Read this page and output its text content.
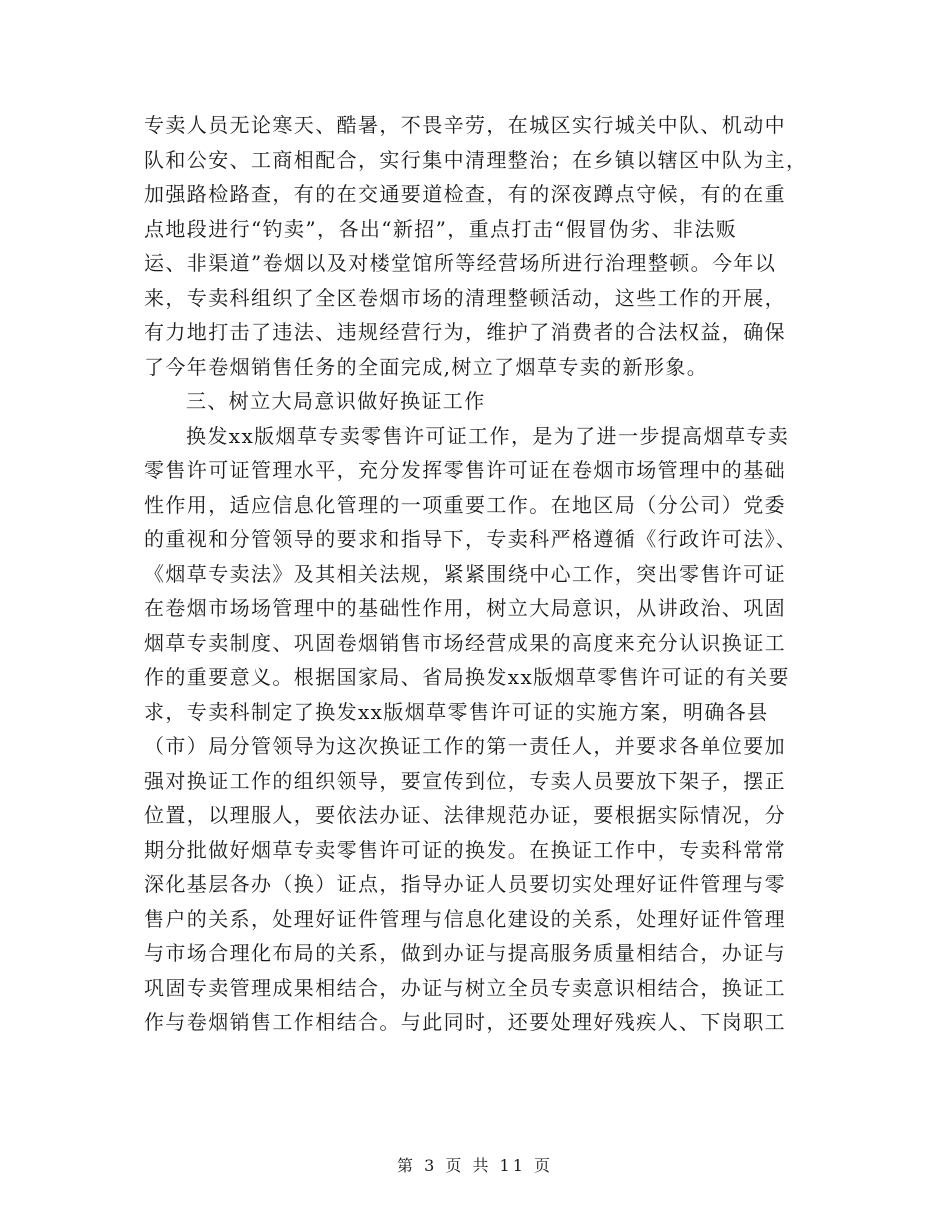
专卖人员无论寒天、酷暑，不畏辛劳，在城区实行城关中队、机动中
队和公安、工商相配合，实行集中清理整治；在乡镇以辖区中队为主，
加强路检路查，有的在交通要道检查，有的深夜蹲点守候，有的在重
点地段进行“钓卖”，各出“新招”，重点打击“假冒伪劣、非法贩
运、非渠道”卷烟以及对楼堂馆所等经营场所进行治理整顿。今年以
来，专卖科组织了全区卷烟市场的清理整顿活动，这些工作的开展，
有力地打击了违法、违规经营行为，维护了消费者的合法权益，确保
了今年卷烟销售任务的全面完成,树立了烟草专卖的新形象。
三、树立大局意识做好换证工作
换发xx版烟草专卖零售许可证工作，是为了进一步提高烟草专卖
零售许可证管理水平，充分发挥零售许可证在卷烟市场管理中的基础
性作用，适应信息化管理的一项重要工作。在地区局（分公司）党委
的重视和分管领导的要求和指导下，专卖科严格遵循《行政许可法》、
《烟草专卖法》及其相关法规，紧紧围绕中心工作，突出零售许可证
在卷烟市场场管理中的基础性作用，树立大局意识，从讲政治、巩固
烟草专卖制度、巩固卷烟销售市场经营成果的高度来充分认识换证工
作的重要意义。根据国家局、省局换发xx版烟草零售许可证的有关要
求，专卖科制定了换发xx版烟草零售许可证的实施方案，明确各县
（市）局分管领导为这次换证工作的第一责任人，并要求各单位要加
强对换证工作的组织领导，要宣传到位，专卖人员要放下架子，摆正
位置，以理服人，要依法办证、法律规范办证，要根据实际情况，分
期分批做好烟草专卖零售许可证的换发。在换证工作中，专卖科常常
深化基层各办（换）证点，指导办证人员要切实处理好证件管理与零
售户的关系，处理好证件管理与信息化建设的关系，处理好证件管理
与市场合理化布局的关系，做到办证与提高服务质量相结合，办证与
巩固专卖管理成果相结合，办证与树立全员专卖意识相结合，换证工
作与卷烟销售工作相结合。与此同时，还要处理好残疾人、下岗职工
第 3 页 共 11 页
